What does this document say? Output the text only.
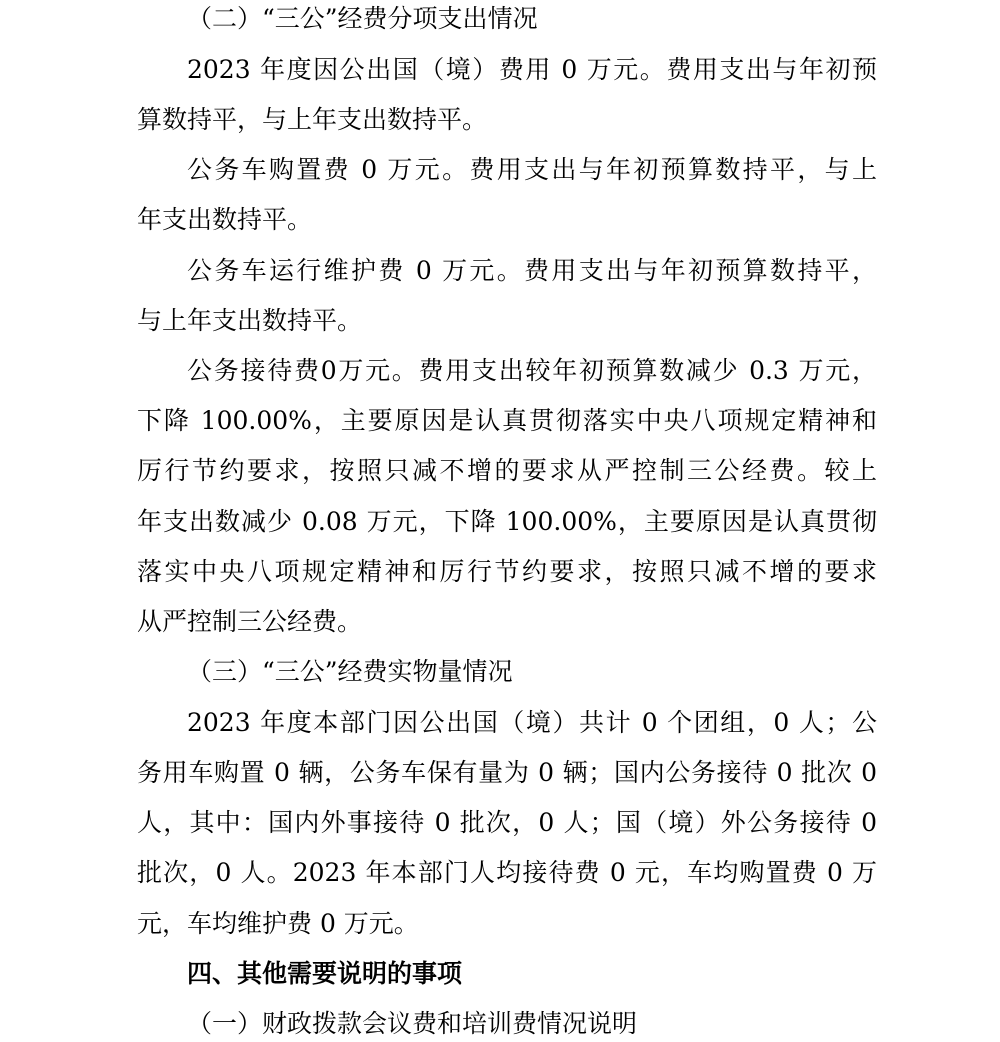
（二）“三公”经费分项支出情况
2023 年度因公出国（境）费用 0 万元。费用支出与年初预
算数持平，与上年支出数持平。
公务车购置费 0 万元。费用支出与年初预算数持平，与上
年支出数持平。
公务车运行维护费 0 万元。费用支出与年初预算数持平，
与上年支出数持平。
公务接待费0万元。费用支出较年初预算数减少 0.3 万元，
下降 100.00%，主要原因是认真贯彻落实中央八项规定精神和
厉行节约要求，按照只减不增的要求从严控制三公经费。较上
年支出数减少 0.08 万元，下降 100.00%，主要原因是认真贯彻
落实中央八项规定精神和厉行节约要求，按照只减不增的要求
从严控制三公经费。
（三）“三公”经费实物量情况
2023 年度本部门因公出国（境）共计 0 个团组，0 人；公
务用车购置 0 辆，公务车保有量为 0 辆；国内公务接待 0 批次 0
人，其中：国内外事接待 0 批次，0 人；国（境）外公务接待 0
批次，0 人。2023 年本部门人均接待费 0 元，车均购置费 0 万
元，车均维护费 0 万元。
四、其他需要说明的事项
（一）财政拨款会议费和培训费情况说明
